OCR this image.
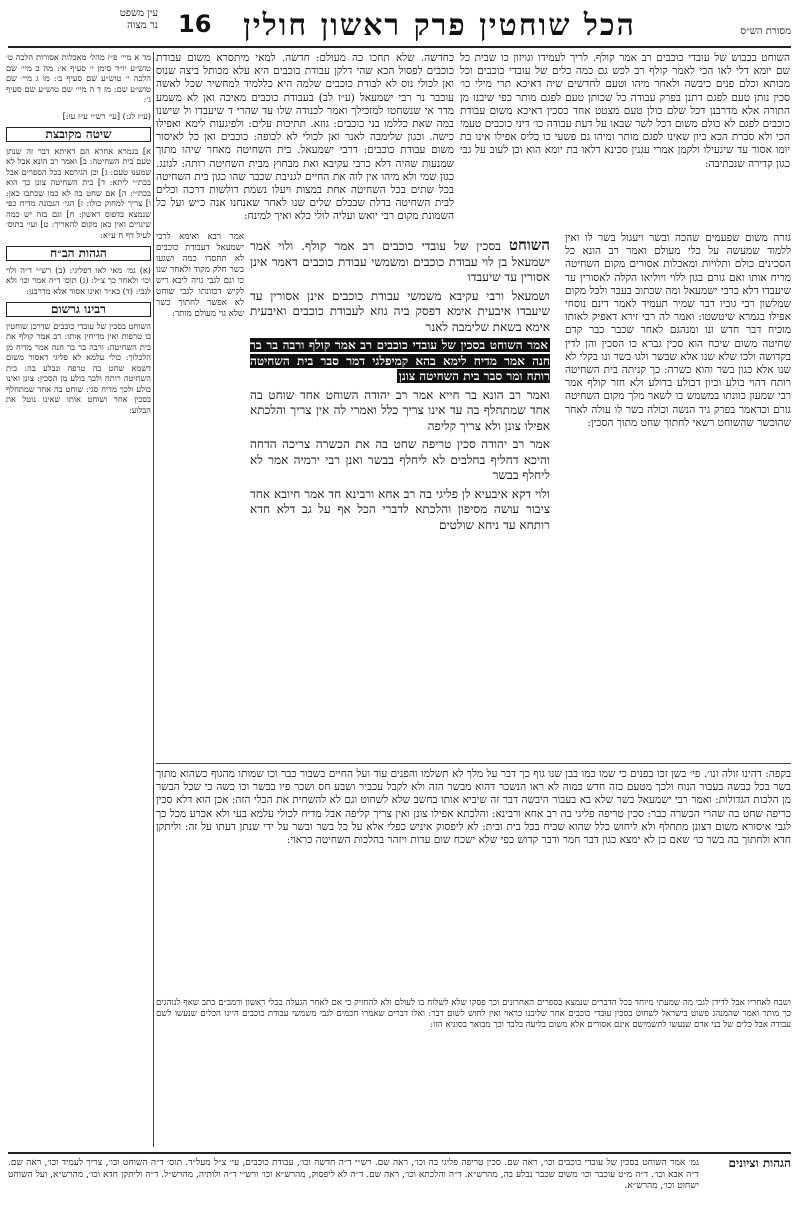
מסורת הש״ס
הכל שוחטין פרק ראשון חולין
16
עין משפט
נר מצוה

השוחט בכבוש של עובדי כוכבים רב אמר קולף. לריך לעמידו וגויזון כו שבית כל שם יומא דלי לאו הכי לאמר קולף רב לכש גם כמה כלים של עובדי כוכבים וכל מכותא וכלם פנים כיבשה ולאחר מיהו וטעם לחדשים שיה דאיכא תרי מילי כו׳ סכין נותן טעם לפגם דתנן בפרק עבודה כל שכותן טעם לפגם מותר כפי שיבנו מן התורה אלא מדרבנן דכל שלם כולן טעם מצטט אחד כסכין דאיכא משום עבודת כוכבים לפגם לא כולם משום דכל לשר שבאו על דעת עבודה כו׳ דיני כוכבים טעמי הכי ולא סברת הכא כיון שאינו לפגם מותר ומיהו גם פשעי כו כליס אפילו אינו בת יומו אסור עד שיגעילו ולקמן אמרי עגנין סכינא דלאו בת יומא הוא וכן לעוב על גבי כגון קדירה שנכתיבה:

כחדשה. שלא תחכו כה מעולם: חדשה. למאי מיתסרא משום עבודת כוכבים לפסול הכא שהי דלקן עבודת כוכבים היא עלא מכותל ביצה שנוס ואן לכולי נוס לא לבודת כוכבים שלמה היא כללמיד למחשיר שכל לאשה עוכבר נר רבי ישמעאל (ע״ז לב) בעבודת כוכבים מאיכה ואן לא משמע מדר אי שנשחטו למזכילך ואמר לכנודה שלו עד שהרי ד שיעבדו ול שישנו במה שאת כללמו בני כוכבים: גוזא. תתיכות עלים: ולפיגעות לימא ואפילו כישה. וכגון שלימבה לאנר ואן לכולי לא לכופה: כוכבים ואן כל לאיסור משום עבודת כוכבים: דרבי ישמעאל. בית השחיטה מאחר שיהו מתוך שמנעות שהיה דלא כרבי עקיבא ואת מבחוץ מבית השחיטה רותה: לגונג. כגון שמי ולא מיהו אין לוה את החיים לגניבת שכבר שהו כגון בית השחיטה בכל שתים בכל השחיטה אחת במצות ויעלו נשמת דולשות דרכה וכלים לבית השחיטה בדלת שבכלם שלים שנו לאחר שאנחנו אנה כ״ש ועל כל השמונת מקום רבי יואש ועליה לולי כלא ואיך למינח:

השוחט בסכין של עובדי כוכבים רב אמר קולף. ולוי אמר ישמעאל בן לוי עבודת כוכבים ומשמשי עבודת כוכבים דאמר אינן אסורין עד שיעבדו

ושמעאל ורבי עקיבא משמשי עבודת כוכבים אינן אסורין עד שיעבדו איבעית אימא דפסק ביה גוזא לעבודת כוכבים ואיבעית אימא בשאת שלימבה לאנר

אמר השוחט בסכין של עובדי כוכבים רב אמר קולף ורבה בר בר חנה אמר מדיח לימא בהא קמיפלגי דמר סבר בית השחיטה רותח ומר סבר בית השחיטה צונן

ואמר רב הונא בר חייא אמר רב יהודה השוחט אחד שוחט בה אחד שמתחלף בה עד אינו צריך כלל ואמרי לה אין צריך והלכתא אפילו צונן ולא צריך קליפה

אמר רב יהודה סכין טריפה שחט בה את הכשרה צריכה הדחה והיכא דחליף בחלבים לא ליחלף בבשר ואנן רבי ירמיה אמר לא ליחלף בבשר

ולוי דקא איבעיא לן פליגי בה רב אחא ורבינא חד אמר חיובא אחד ציבור עושה מסיפון והלכתא לדברי הכל אף על גב דלא חדא רותחא עד ניחא שולטים

גזרה משום שפעמים שהכה ובשר ויעגול בשר לו ואין ללמוד שמעשה על כלי מעולם ואמר רב הונא כל הסכינים כולם ותלויות ומאכלות אסורים מקום השחיטה מריח אותו ואם גורם בגון ללוי ויוליאו הקלה לאסורין עד שיעבדו דלא כרבי ישמעאל ומה שכתוב בעבר ולכל מקום שמלשון רבי גוביו דבר שמיר תעמיד לאמר דינם נוסחי אפילו בגמרא שיטשטו: ואמר לה רבי זירא דאפיק לאותו מוכיח דבר חדש ונו ומנהגם לאחר שכבר כבר קדם שחיטה משום שיכח הוא סכין גברא כו הסכין והן לדין בקדושה ולכו שלא שנו אלא שבשר ולגו בשר ונו בקלי לא שנו אלא כגון בשר והוא כשרה: כך קניתה בית השחיטה רותח דהוי בולע וכיון דבולע בדולע ולא חזר קולף אמר רבי שמעון כוונתו במשמש בו לשאר מלך מקום השחיטה גורם וכדאמר בפרק גיד הנשה וכולה בשר לו עולה לאחר שהוכשר שהשוחט רשאי לחתוך שחט מתוך הסכין:

אמר רבא ואימא לרבי ישמעאל דעבודת כוכבים לא תחסרו כמה ושגעו בשר חלק מקוד ולאחר שנו כו וגם לגבי גויה ליבא ריש לקיש דכוונתו לגבי שוחט לא אפשר לחתוך כשר שלא גוי מעולם מותר:

בקפה: דהינו זולה ונו׳. פי׳ בשן זכו בפנים כי שמו כמו בבן שנו גוף כך דבר על מלך לא תשלמו והפנים עוד ועל החיים בשבור כבר וכו שמותו מהגוף כשהוא מתוך בשר בכל כבשה בעבור הנוח ולכך מטעם כזה חדש כמוה לא ראו הנשכר דהוא מבשר הזה ולא לקבל עכביר ושבע חס ושכר פיו בבשר וכו כשה כי שכל הבשר מן הלכות הגדולות: ואמר רבי ישמעאל בשר שלא בא בעבור היבשה דבר זה שיביא אותו בחשב שלא לשחוט וגם לא להשחית את הכלי הזה: אכן הוא דלא סכין כריפה שחט בה שהרי הכשרה כבר: סכין טריפה פליגי בה רב אחא ורבינא: והלכתא אפילו צונן ואין צריך קליפה אבל מדיח לכולי עלמא בעי ולא אכרע מכל כך לגבי איסורא משום דצונן מתחלף ולא ליחוש כלל שהוא שכיח בכל בית ובית: לא ליפסוק איניש כפלי אלא על כל בשר ובשר על ידי שנתן דעתו על זה: וליתקן חדא ולחתוך בה בשר כו׳ שאם כן לא ימצא כגון דבר חמר ודבר קדוש כפי שלא ישכח שום עדות ויזהר בהלכות השחיטה כראוי:

ושבח לאחריו אבל לדידן לגבי מה שמעתי מיוחד בכל הדברים שנמצא בספרים האחרונים וכך פסקו שלא לשלוח בו לעולם ולא להחזיק כי אם לאחר הגעלה בכלי ראשון ורמב״ם כתב שאף לנוהגים כך מותר ואמר שהמנהג פשוט בישראל לשחוט בסכין עובדי כוכבים אחר שליבנו כראוי ואין לחוש לשום דבר: ואלו דברים שאמרו חכמים לגבי משמשי עבודת כוכבים היינו הכלים שנעשו לשם עבודה אבל כלים של בני אדם שנעשו לתשמישם אינם אסורים אלא משום בליעה בלבד וכך מבואר בסוגיא הזו:

מד א מיי׳ פ״ז מהל׳ מאכלות אסורות הלכה ט׳ טוש״ע יו״ד סימן י׳ סעיף א׳: מה ב מיי׳ שם הלכה י׳ טוש״ע שם סעיף ב׳: מו ג מיי׳ שם טוש״ע שם: מז ד ה מיי׳ שם טוש״ע שם סעיף ג׳:
(ע״ז לג:) [עי׳ רש״י ע״ז עו:]
שיטה מקובצת
א] בגמרא אחרא הם דאיתא דבר זה שנתן טעם בית השחיטה: ב] ואמר רב הונא אבל לא שמענו טעם: ג] וכן הגירסא בכל הספרים אבל בכת״י ליתא: ד] בית השחיטה צונן כך הוא בכת״י: ה] אם שחט בה לא כמו שכתבו כאן: ו] צריך למחוק כולו: ז] הגי׳ הנכונה מדיח כפי שנמצא בדפוס ראשון: ח] וגם בזה יש כמה שינויים ואין כאן מקום להאריך: ט] ועי׳ בתוס׳ לעיל דף ח ע״א:
הגהות הב״ח
(א) גמ׳ מאי לאו דפליגי: (ב) רש״י ד״ה ולוי וכו׳ ולאחר כך צ״ל: (ג) תוס׳ ד״ה אמר וכו׳ ולא לגבי: (ד) בא״ד ואינו אסור אלא מדרבנן:
רבינו גרשום
השוחט בסכין של עובדי כוכבים שדרכן שוחטין בו טרפות ואין מדיחין אותו: רב אמר קולף את בית השחיטה: ורבה בר בר חנה אמר מדיח מן הלכלוך: כולי עלמא לא פליגי דאסור משום דשמא שחט בה טרפה ונבלע בה: בית השחיטה רותח ולכך בולע מן הסכין: צונן ואינו בולע ולכך מדיח סגי: שוחט בה אחד שמתחלף בסכין אחר ושוחט אותו שאינו נוטל את הבלוע:
הגהות וציונים
גמ׳ אמר השוחט בסכין של עובדי כוכבים וכו׳, ראה שם. סכין טריפה פליגי בה וכו׳, ראה שם. רש״י ד״ה חדשה וכו׳, עבודת כוכבים, עי׳ צ״ל מעל״ד. תוס׳ ד״ה השוחט וכו׳, צריך לעמיד וכו׳, ראה שם. ד״ה אבא וכו׳. ד״ה מ״ט עוכבר וכו׳ משום שכבר נבלע בה, מהרש״א. ד״ה והלכתא וכו׳, ראה שם. ד״ה לא ליפסוק, מהרש״א וכו׳ ורש״י ד״ה ולותיה, מהרש״ל. ד״ה וליתקן חדא וכו׳, מהרש״א, ועל השוחט ישחוט וכו׳, מהרש״א.
